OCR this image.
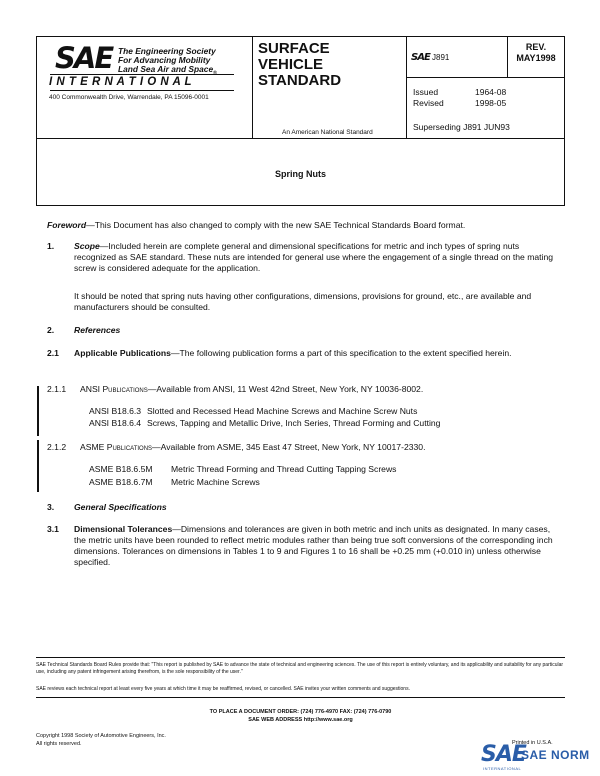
SAE The Engineering Society
For Advancing Mobility
Land Sea Air and Space$_®$
I N T E R N A T I O N A L
400 Commonwealth Drive, Warrendale, PA 15096-0001
SURFACE
VEHICLE
STANDARD
An American National Standard
SAE J891
REV.
MAY1998
Issued	1964-08
Revised	1998-05
Superseding J891 JUN93
Spring Nuts
Foreword—This Document has also changed to comply with the new SAE Technical Standards Board format.
1. Scope—Included herein are complete general and dimensional specifications for metric and inch types of spring nuts recognized as SAE standard. These nuts are intended for general use where the engagement of a single thread on the mating screw is considered adequate for the application.
It should be noted that spring nuts having other configurations, dimensions, provisions for ground, etc., are available and manufacturers should be consulted.
2. References
2.1 Applicable Publications—The following publication forms a part of this specification to the extent specified herein.
2.1.1 ANSI Publications—Available from ANSI, 11 West 42nd Street, New York, NY 10036-8002.
ANSI B18.6.3 Slotted and Recessed Head Machine Screws and Machine Screw Nuts
ANSI B18.6.4 Screws, Tapping and Metallic Drive, Inch Series, Thread Forming and Cutting
2.1.2 ASME Publications—Available from ASME, 345 East 47 Street, New York, NY 10017-2330.
ASME B18.6.5M Metric Thread Forming and Thread Cutting Tapping Screws
ASME B18.6.7M Metric Machine Screws
3. General Specifications
3.1 Dimensional Tolerances—Dimensions and tolerances are given in both metric and inch units as designated. In many cases, the metric units have been rounded to reflect metric modules rather than being true soft conversions of the corresponding inch dimensions. Tolerances on dimensions in Tables 1 to 9 and Figures 1 to 16 shall be +0.25 mm (+0.010 in) unless otherwise specified.
SAE Technical Standards Board Rules provide that: "This report is published by SAE to advance the state of technical and engineering sciences. The use of this report is entirely voluntary, and its applicability and suitability for any particular use, including any patent infringement arising therefrom, is the sole responsibility of the user."
SAE reviews each technical report at least every five years at which time it may be reaffirmed, revised, or cancelled. SAE invites your written comments and suggestions.
TO PLACE A DOCUMENT ORDER: (724) 776-4970 FAX: (724) 776-0790
SAE WEB ADDRESS http://www.sae.org
Copyright 1998 Society of Automotive Engineers, Inc.
All rights reserved.	Printed in U.S.A.
SAE
SAE NORM
INTERNATIONAL
